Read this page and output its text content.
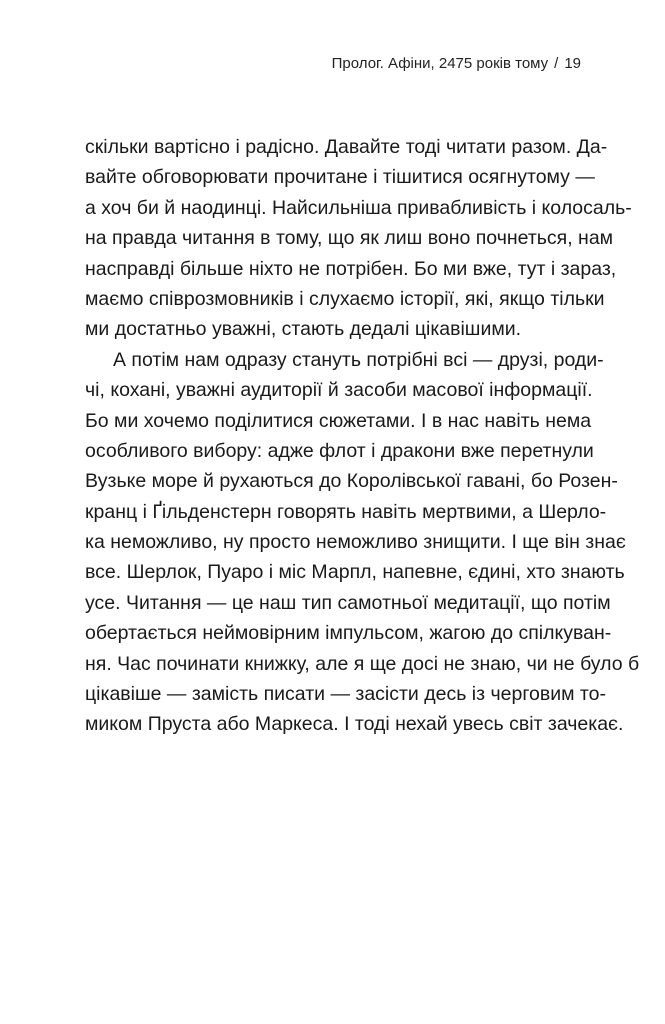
Пролог. Афіни, 2475 років тому / 19
скільки вартісно і радісно. Давайте тоді читати разом. Да-
вайте обговорювати прочитане і тішитися осягнутому —
а хоч би й наодинці. Найсильніша привабливість і колосаль-
на правда читання в тому, що як лиш воно почнеться, нам
насправді більше ніхто не потрібен. Бо ми вже, тут і зараз,
маємо співрозмовників і слухаємо історії, які, якщо тільки
ми достатньо уважні, стають дедалі цікавішими.
А потім нам одразу стануть потрібні всі — друзі, роди-
чі, кохані, уважні аудиторії й засоби масової інформації.
Бо ми хочемо поділитися сюжетами. І в нас навіть нема
особливого вибору: адже флот і дракони вже перетнули
Вузьке море й рухаються до Королівської гавані, бо Розен-
кранц і Ґільденстерн говорять навіть мертвими, а Шерло-
ка неможливо, ну просто неможливо знищити. І ще він знає
все. Шерлок, Пуаро і міс Марпл, напевне, єдині, хто знають
усе. Читання — це наш тип самотньої медитації, що потім
обертається неймовірним імпульсом, жагою до спілкуван-
ня. Час починати книжку, але я ще досі не знаю, чи не було б
цікавіше — замість писати — засісти десь із черговим то-
миком Пруста або Маркеса. І тоді нехай увесь світ зачекає.
